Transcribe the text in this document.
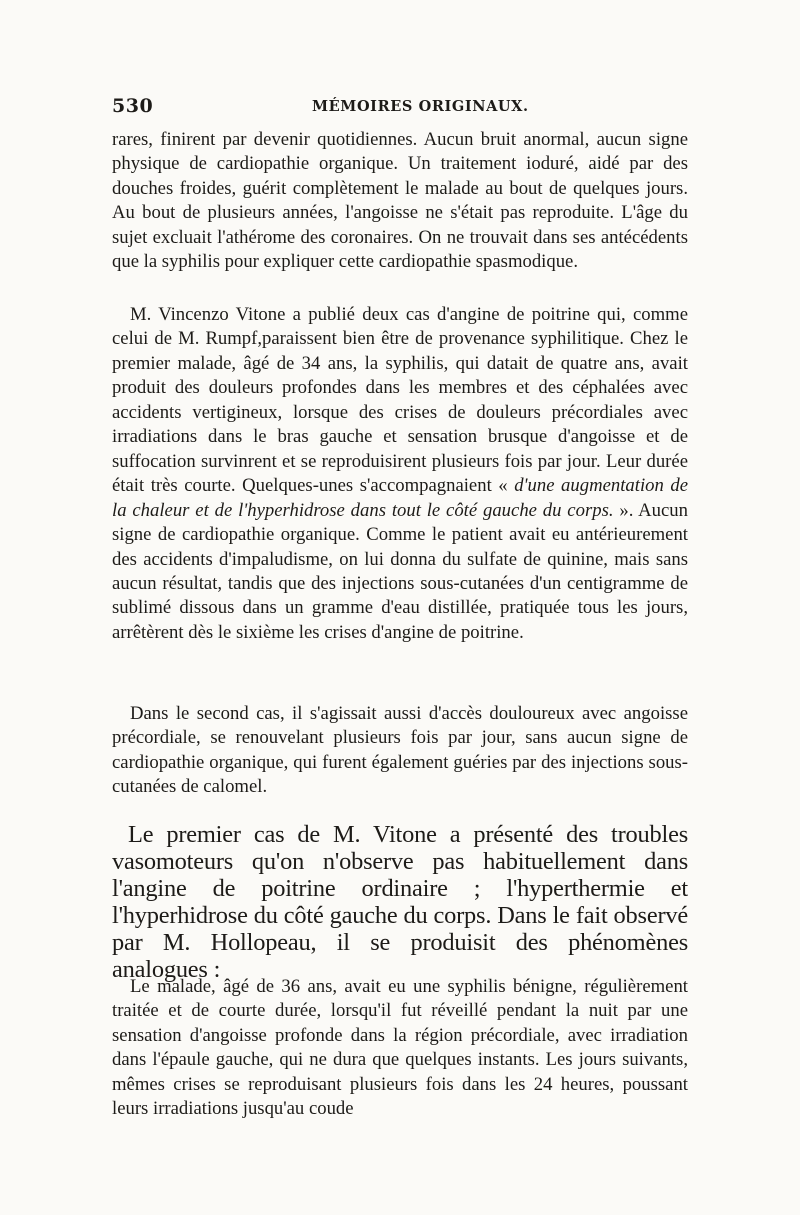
530	MÉMOIRES ORIGINAUX.

rares, finirent par devenir quotidiennes. Aucun bruit anormal, aucun signe physique de cardiopathie organique. Un traitement ioduré, aidé par des douches froides, guérit complètement le malade au bout de quelques jours. Au bout de plusieurs années, l'angoisse ne s'était pas reproduite. L'âge du sujet excluait l'athérome des coronaires. On ne trouvait dans ses antécédents que la syphilis pour expliquer cette cardiopathie spasmodique.

M. Vincenzo Vitone a publié deux cas d'angine de poitrine qui, comme celui de M. Rumpf,paraissent bien être de provenance syphilitique. Chez le premier malade, âgé de 34 ans, la syphilis, qui datait de quatre ans, avait produit des douleurs profondes dans les membres et des céphalées avec accidents vertigineux, lorsque des crises de douleurs précordiales avec irradiations dans le bras gauche et sensation brusque d'angoisse et de suffocation survinrent et se reproduisirent plusieurs fois par jour. Leur durée était très courte. Quelques-unes s'accompagnaient « d'une augmentation de la chaleur et de l'hyperhidrose dans tout le côté gauche du corps. ». Aucun signe de cardiopathie organique. Comme le patient avait eu antérieurement des accidents d'impaludisme, on lui donna du sulfate de quinine, mais sans aucun résultat, tandis que des injections sous-cutanées d'un centigramme de sublimé dissous dans un gramme d'eau distillée, pratiquée tous les jours, arrêtèrent dès le sixième les crises d'angine de poitrine.

Dans le second cas, il s'agissait aussi d'accès douloureux avec angoisse précordiale, se renouvelant plusieurs fois par jour, sans aucun signe de cardiopathie organique, qui furent également guéries par des injections sous-cutanées de calomel.

Le premier cas de M. Vitone a présenté des troubles vasomoteurs qu'on n'observe pas habituellement dans l'angine de poitrine ordinaire ; l'hyperthermie et l'hyperhidrose du côté gauche du corps. Dans le fait observé par M. Hollopeau, il se produisit des phénomènes analogues :

Le malade, âgé de 36 ans, avait eu une syphilis bénigne, régulièrement traitée et de courte durée, lorsqu'il fut réveillé pendant la nuit par une sensation d'angoisse profonde dans la région précordiale, avec irradiation dans l'épaule gauche, qui ne dura que quelques instants. Les jours suivants, mêmes crises se reproduisant plusieurs fois dans les 24 heures, poussant leurs irradiations jusqu'au coude
